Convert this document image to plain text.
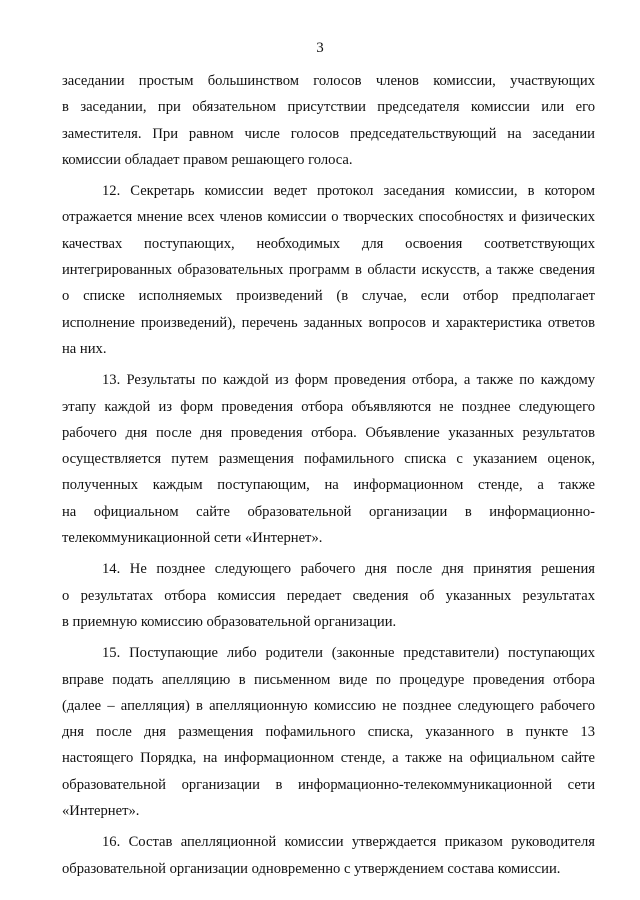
3
заседании простым большинством голосов членов комиссии, участвующих
в заседании, при обязательном присутствии председателя комиссии или его
заместителя. При равном числе голосов председательствующий на заседании
комиссии обладает правом решающего голоса.
12. Секретарь комиссии ведет протокол заседания комиссии, в котором
отражается мнение всех членов комиссии о творческих способностях и физических
качествах поступающих, необходимых для освоения соответствующих
интегрированных образовательных программ в области искусств, а также сведения
о списке исполняемых произведений (в случае, если отбор предполагает
исполнение произведений), перечень заданных вопросов и характеристика ответов
на них.
13. Результаты по каждой из форм проведения отбора, а также по каждому
этапу каждой из форм проведения отбора объявляются не позднее следующего
рабочего дня после дня проведения отбора. Объявление указанных результатов
осуществляется путем размещения пофамильного списка с указанием оценок,
полученных каждым поступающим, на информационном стенде, а также
на официальном сайте образовательной организации в информационно-
телекоммуникационной сети «Интернет».
14. Не позднее следующего рабочего дня после дня принятия решения
о результатах отбора комиссия передает сведения об указанных результатах
в приемную комиссию образовательной организации.
15. Поступающие либо родители (законные представители) поступающих
вправе подать апелляцию в письменном виде по процедуре проведения отбора
(далее – апелляция) в апелляционную комиссию не позднее следующего рабочего
дня после дня размещения пофамильного списка, указанного в пункте 13
настоящего Порядка, на информационном стенде, а также на официальном сайте
образовательной организации в информационно-телекоммуникационной сети
«Интернет».
16. Состав апелляционной комиссии утверждается приказом руководителя
образовательной организации одновременно с утверждением состава комиссии.
